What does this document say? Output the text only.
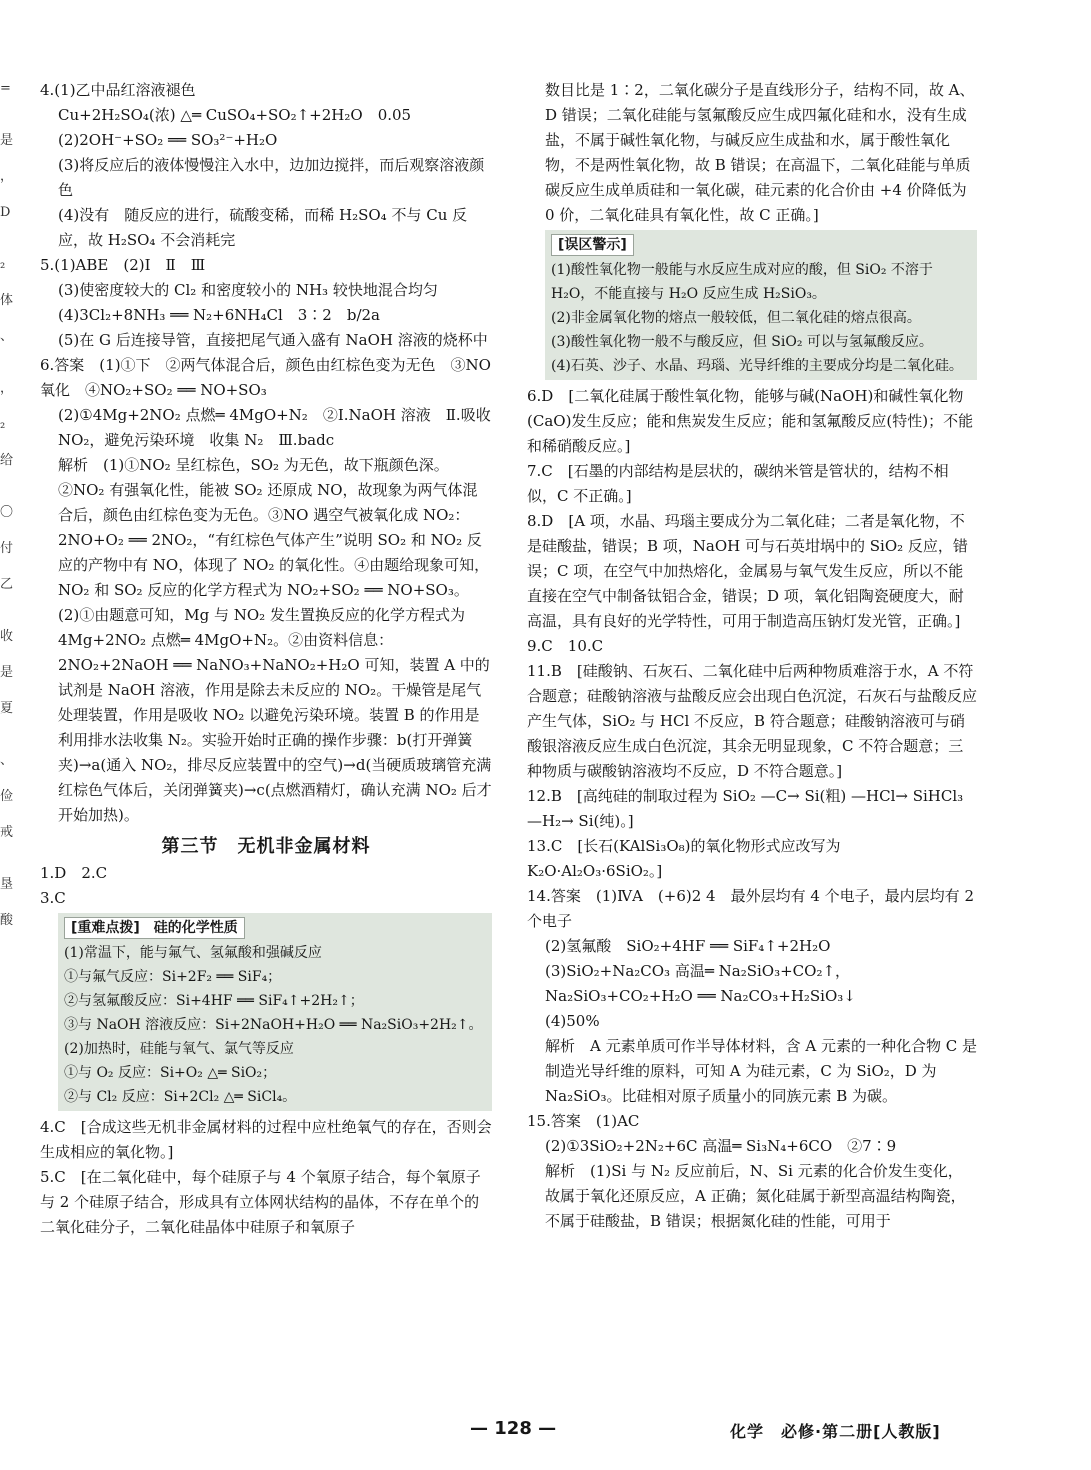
=
是
，
D
₂
体
、
，
₂
给
〇
付
乙
收
是
夏
、
俭
戒
垦
酸

4.(1)乙中品红溶液褪色

Cu+2H₂SO₄(浓) △═ CuSO₄+SO₂↑+2H₂O　0.05

(2)2OH⁻+SO₂ ══ SO₃²⁻+H₂O

(3)将反应后的液体慢慢注入水中，边加边搅拌，而后观察溶液颜色

(4)没有　随反应的进行，硫酸变稀，而稀 H₂SO₄ 不与 Cu 反应，故 H₂SO₄ 不会消耗完

5.(1)ABE　(2)Ⅰ　Ⅱ　Ⅲ

(3)使密度较大的 Cl₂ 和密度较小的 NH₃ 较快地混合均匀

(4)3Cl₂+8NH₃ ══ N₂+6NH₄Cl　3∶2　b/2a

(5)在 G 后连接导管，直接把尾气通入盛有 NaOH 溶液的烧杯中

6.答案　(1)①下　②两气体混合后，颜色由红棕色变为无色　③NO　氧化　④NO₂+SO₂ ══ NO+SO₃

(2)①4Mg+2NO₂ 点燃═ 4MgO+N₂　②Ⅰ.NaOH 溶液　Ⅱ.吸收 NO₂，避免污染环境　收集 N₂　Ⅲ.badc

解析　(1)①NO₂ 呈红棕色，SO₂ 为无色，故下瓶颜色深。②NO₂ 有强氧化性，能被 SO₂ 还原成 NO，故现象为两气体混合后，颜色由红棕色变为无色。③NO 遇空气被氧化成 NO₂：2NO+O₂ ══ 2NO₂，“有红棕色气体产生”说明 SO₂ 和 NO₂ 反应的产物中有 NO，体现了 NO₂ 的氧化性。④由题给现象可知，NO₂ 和 SO₂ 反应的化学方程式为 NO₂+SO₂ ══ NO+SO₃。

(2)①由题意可知，Mg 与 NO₂ 发生置换反应的化学方程式为 4Mg+2NO₂ 点燃═ 4MgO+N₂。②由资料信息：2NO₂+2NaOH ══ NaNO₃+NaNO₂+H₂O 可知，装置 A 中的试剂是 NaOH 溶液，作用是除去未反应的 NO₂。干燥管是尾气处理装置，作用是吸收 NO₂ 以避免污染环境。装置 B 的作用是利用排水法收集 N₂。实验开始时正确的操作步骤：b(打开弹簧夹)→a(通入 NO₂，排尽反应装置中的空气)→d(当硬质玻璃管充满红棕色气体后，关闭弹簧夹)→c(点燃酒精灯，确认充满 NO₂ 后才开始加热)。

第三节　无机非金属材料

1.D　2.C

3.C

[重难点拨]　硅的化学性质

(1)常温下，能与氟气、氢氟酸和强碱反应

①与氟气反应：Si+2F₂ ══ SiF₄；

②与氢氟酸反应：Si+4HF ══ SiF₄↑+2H₂↑；

③与 NaOH 溶液反应：Si+2NaOH+H₂O ══ Na₂SiO₃+2H₂↑。

(2)加热时，硅能与氧气、氯气等反应

①与 O₂ 反应：Si+O₂ △═ SiO₂；

②与 Cl₂ 反应：Si+2Cl₂ △═ SiCl₄。

4.C　[合成这些无机非金属材料的过程中应杜绝氧气的存在，否则会生成相应的氧化物。]

5.C　[在二氧化硅中，每个硅原子与 4 个氧原子结合，每个氧原子与 2 个硅原子结合，形成具有立体网状结构的晶体，不存在单个的二氧化硅分子，二氧化硅晶体中硅原子和氧原子

数目比是 1∶2，二氧化碳分子是直线形分子，结构不同，故 A、D 错误；二氧化硅能与氢氟酸反应生成四氟化硅和水，没有生成盐，不属于碱性氧化物，与碱反应生成盐和水，属于酸性氧化物，不是两性氧化物，故 B 错误；在高温下，二氧化硅能与单质碳反应生成单质硅和一氧化碳，硅元素的化合价由 +4 价降低为 0 价，二氧化硅具有氧化性，故 C 正确。]

[误区警示]

(1)酸性氧化物一般能与水反应生成对应的酸，但 SiO₂ 不溶于 H₂O，不能直接与 H₂O 反应生成 H₂SiO₃。

(2)非金属氧化物的熔点一般较低，但二氧化硅的熔点很高。

(3)酸性氧化物一般不与酸反应，但 SiO₂ 可以与氢氟酸反应。

(4)石英、沙子、水晶、玛瑙、光导纤维的主要成分均是二氧化硅。

6.D　[二氧化硅属于酸性氧化物，能够与碱(NaOH)和碱性氧化物(CaO)发生反应；能和焦炭发生反应；能和氢氟酸反应(特性)；不能和稀硝酸反应。]

7.C　[石墨的内部结构是层状的，碳纳米管是管状的，结构不相似，C 不正确。]

8.D　[A 项，水晶、玛瑙主要成分为二氧化硅；二者是氧化物，不是硅酸盐，错误；B 项，NaOH 可与石英坩埚中的 SiO₂ 反应，错误；C 项，在空气中加热熔化，金属易与氧气发生反应，所以不能直接在空气中制备钛铝合金，错误；D 项，氧化铝陶瓷硬度大，耐高温，具有良好的光学特性，可用于制造高压钠灯发光管，正确。]

9.C　10.C

11.B　[硅酸钠、石灰石、二氧化硅中后两种物质难溶于水，A 不符合题意；硅酸钠溶液与盐酸反应会出现白色沉淀，石灰石与盐酸反应产生气体，SiO₂ 与 HCl 不反应，B 符合题意；硅酸钠溶液可与硝酸银溶液反应生成白色沉淀，其余无明显现象，C 不符合题意；三种物质与碳酸钠溶液均不反应，D 不符合题意。]

12.B　[高纯硅的制取过程为 SiO₂ —C→ Si(粗) —HCl→ SiHCl₃ —H₂→ Si(纯)。]

13.C　[长石(KAlSi₃O₈)的氧化物形式应改写为 K₂O·Al₂O₃·6SiO₂。]

14.答案　(1)ⅣA　(+6)2 4　最外层均有 4 个电子，最内层均有 2 个电子

(2)氢氟酸　SiO₂+4HF ══ SiF₄↑+2H₂O

(3)SiO₂+Na₂CO₃ 高温═ Na₂SiO₃+CO₂↑，Na₂SiO₃+CO₂+H₂O ══ Na₂CO₃+H₂SiO₃↓

(4)50%

解析　A 元素单质可作半导体材料，含 A 元素的一种化合物 C 是制造光导纤维的原料，可知 A 为硅元素，C 为 SiO₂，D 为 Na₂SiO₃。比硅相对原子质量小的同族元素 B 为碳。

15.答案　(1)AC

(2)①3SiO₂+2N₂+6C 高温═ Si₃N₄+6CO　②7∶9

解析　(1)Si 与 N₂ 反应前后，N、Si 元素的化合价发生变化，故属于氧化还原反应，A 正确；氮化硅属于新型高温结构陶瓷，不属于硅酸盐，B 错误；根据氮化硅的性能，可用于

— 128 —	化学　必修·第二册[人教版]
